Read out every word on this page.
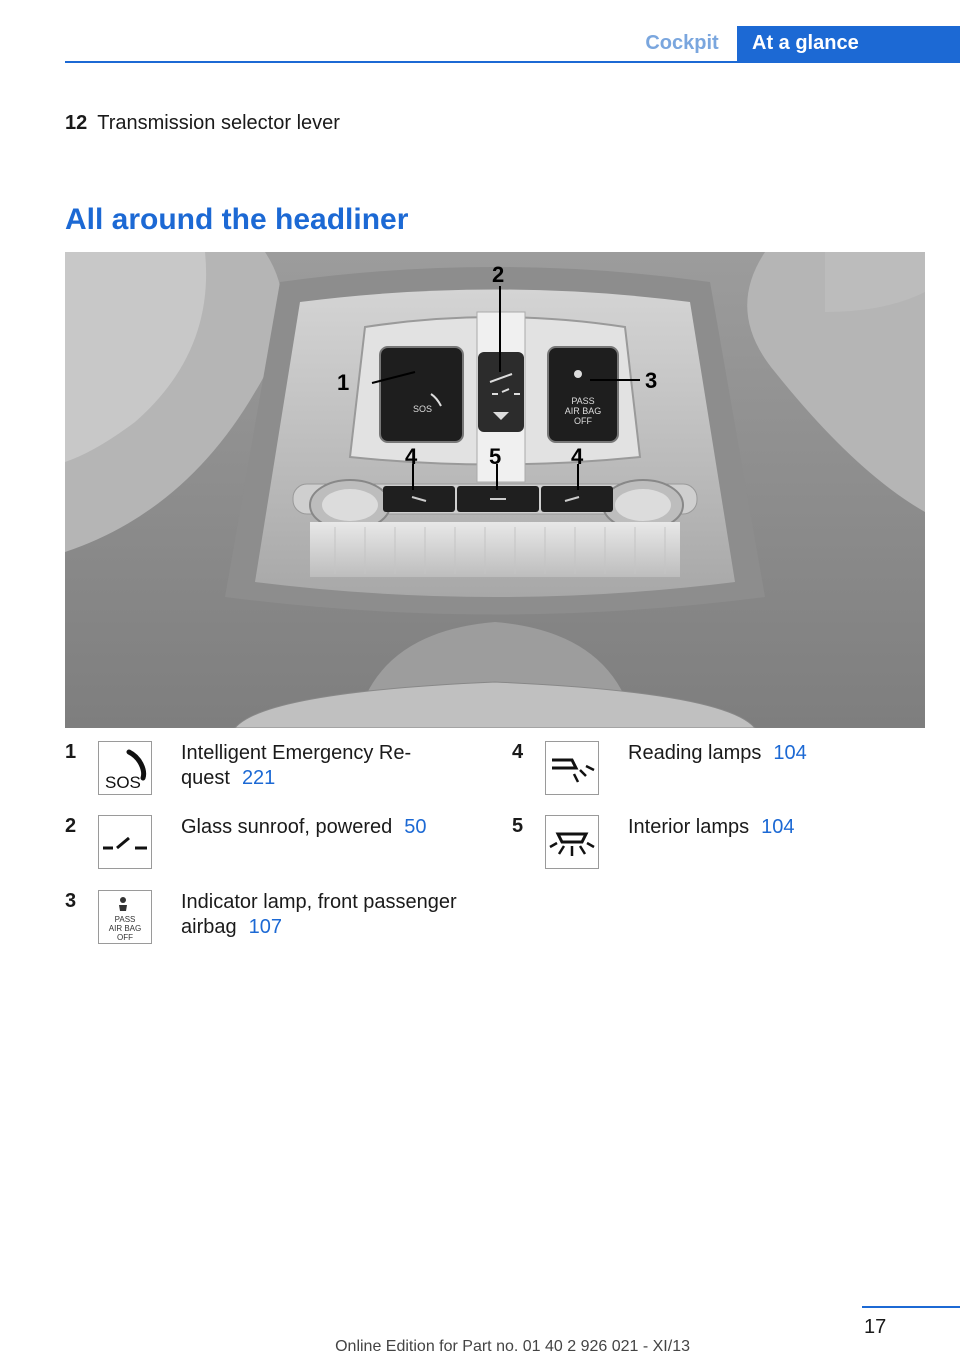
Cockpit	At a glance
12 Transmission selector lever
All around the headliner
SOS
PASS
AIR BAG
OFF
1
2
3
4	5	4
1
SOS
Intelligent Emergency Re‐quest 221
2	Glass sunroof, powered 50
3
PASS
AIR BAG
OFF
Indicator lamp, front passenger airbag 107
4	Reading lamps 104
5	Interior lamps 104
17
Online Edition for Part no. 01 40 2 926 021 - XI/13
